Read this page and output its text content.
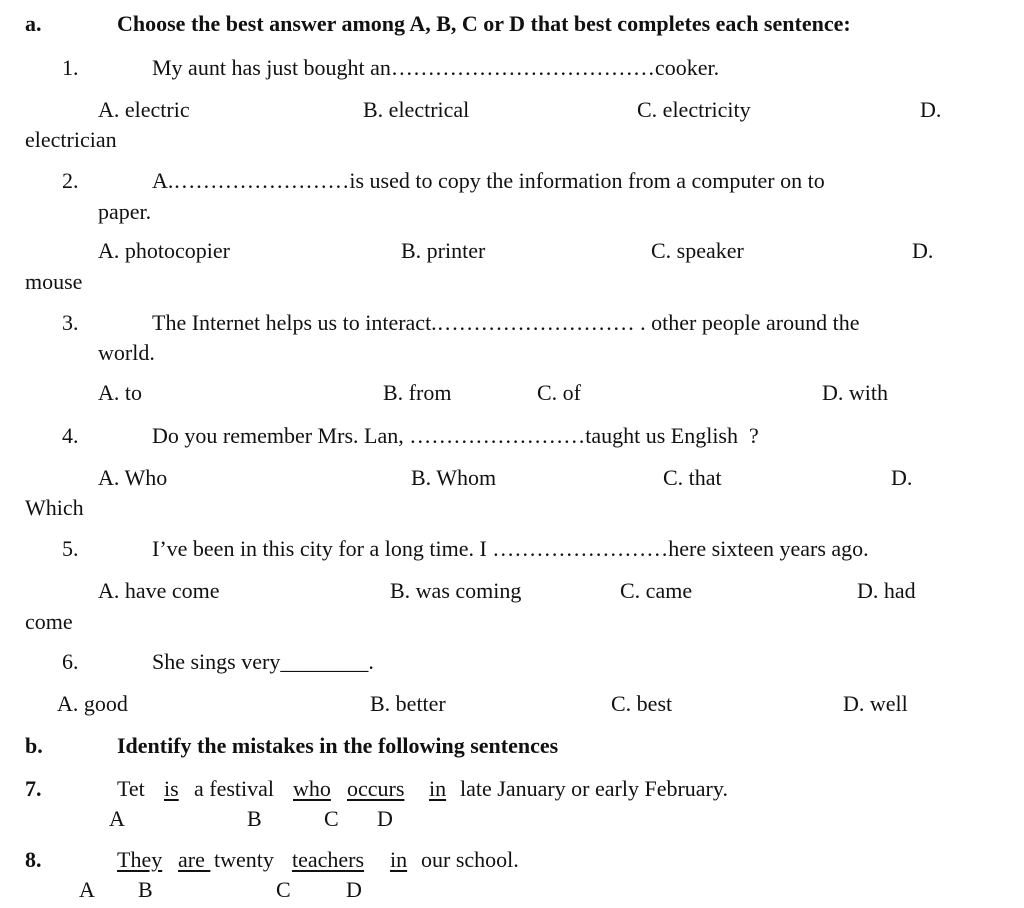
a.	Choose the best answer among A, B, C or D that best completes each sentence:
1.	My aunt has just bought an………………………………cooker.
A. electric	B. electrical	C. electricity	D.
electrician
2.	A.……………………is used to copy the information from a computer on to
paper.
A. photocopier	B. printer	C. speaker	D.
mouse
3.	The Internet helps us to interact.……………………… . other people around the
world.
A. to	B. from	C. of	D. with
4.	Do you remember Mrs. Lan, ……………………taught us English  ?
A. Who	B. Whom	C. that	D.
Which
5.	I’ve been in this city for a long time. I ……………………here sixteen years ago.
A. have come	B. was coming	C. came	D. had
come
6.	She sings very________.
A. good	B. better	C. best	D. well
b.	Identify the mistakes in the following sentences
7.	Tet is a festival who occurs in late January or early February.
A	B	C D
8.	They are twenty teachers in our school.
A B	C	D
